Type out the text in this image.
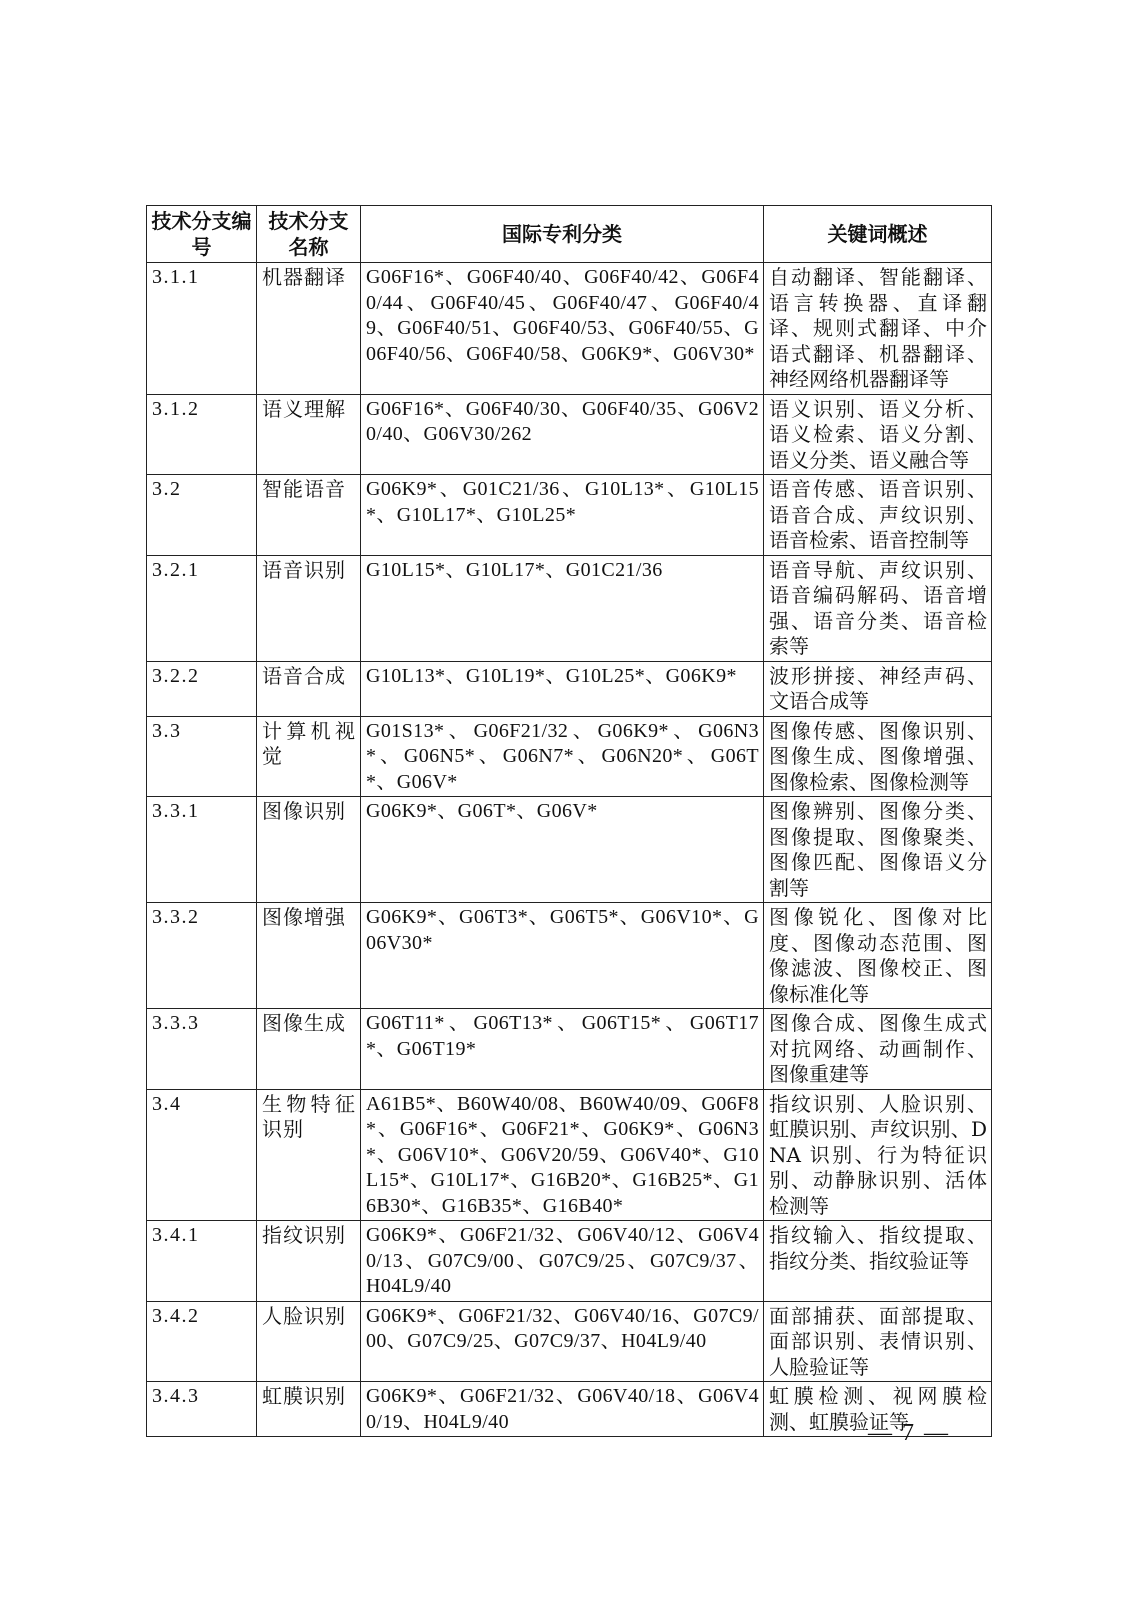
技术分支编号	技术分支名称	国际专利分类	关键词概述
3.1.1	机器翻译	G06F16*、G06F40/40、G06F40/42、G06F40/44、G06F40/45、G06F40/47、G06F40/49、G06F40/51、G06F40/53、G06F40/55、G06F40/56、G06F40/58、G06K9*、G06V30*	自动翻译、智能翻译、语言转换器、直译翻译、规则式翻译、中介语式翻译、机器翻译、神经网络机器翻译等
3.1.2	语义理解	G06F16*、G06F40/30、G06F40/35、G06V20/40、G06V30/262	语义识别、语义分析、语义检索、语义分割、语义分类、语义融合等
3.2	智能语音	G06K9*、G01C21/36、G10L13*、G10L15*、G10L17*、G10L25*	语音传感、语音识别、语音合成、声纹识别、语音检索、语音控制等
3.2.1	语音识别	G10L15*、G10L17*、G01C21/36	语音导航、声纹识别、语音编码解码、语音增强、语音分类、语音检索等
3.2.2	语音合成	G10L13*、G10L19*、G10L25*、G06K9*	波形拼接、神经声码、文语合成等
3.3	计算机视觉	G01S13*、G06F21/32、G06K9*、G06N3*、G06N5*、G06N7*、G06N20*、G06T*、G06V*	图像传感、图像识别、图像生成、图像增强、图像检索、图像检测等
3.3.1	图像识别	G06K9*、G06T*、G06V*	图像辨别、图像分类、图像提取、图像聚类、图像匹配、图像语义分割等
3.3.2	图像增强	G06K9*、G06T3*、G06T5*、G06V10*、G06V30*	图像锐化、图像对比度、图像动态范围、图像滤波、图像校正、图像标准化等
3.3.3	图像生成	G06T11*、G06T13*、G06T15*、G06T17*、G06T19*	图像合成、图像生成式对抗网络、动画制作、图像重建等
3.4	生物特征识别	A61B5*、B60W40/08、B60W40/09、G06F8*、G06F16*、G06F21*、G06K9*、G06N3*、G06V10*、G06V20/59、G06V40*、G10L15*、G10L17*、G16B20*、G16B25*、G16B30*、G16B35*、G16B40*	指纹识别、人脸识别、虹膜识别、声纹识别、DNA 识别、行为特征识别、动静脉识别、活体检测等
3.4.1	指纹识别	G06K9*、G06F21/32、G06V40/12、G06V40/13、G07C9/00、G07C9/25、G07C9/37、H04L9/40	指纹输入、指纹提取、指纹分类、指纹验证等
3.4.2	人脸识别	G06K9*、G06F21/32、G06V40/16、G07C9/00、G07C9/25、G07C9/37、H04L9/40	面部捕获、面部提取、面部识别、表情识别、人脸验证等
3.4.3	虹膜识别	G06K9*、G06F21/32、G06V40/18、G06V40/19、H04L9/40	虹膜检测、视网膜检测、虹膜验证等
— 7 —
